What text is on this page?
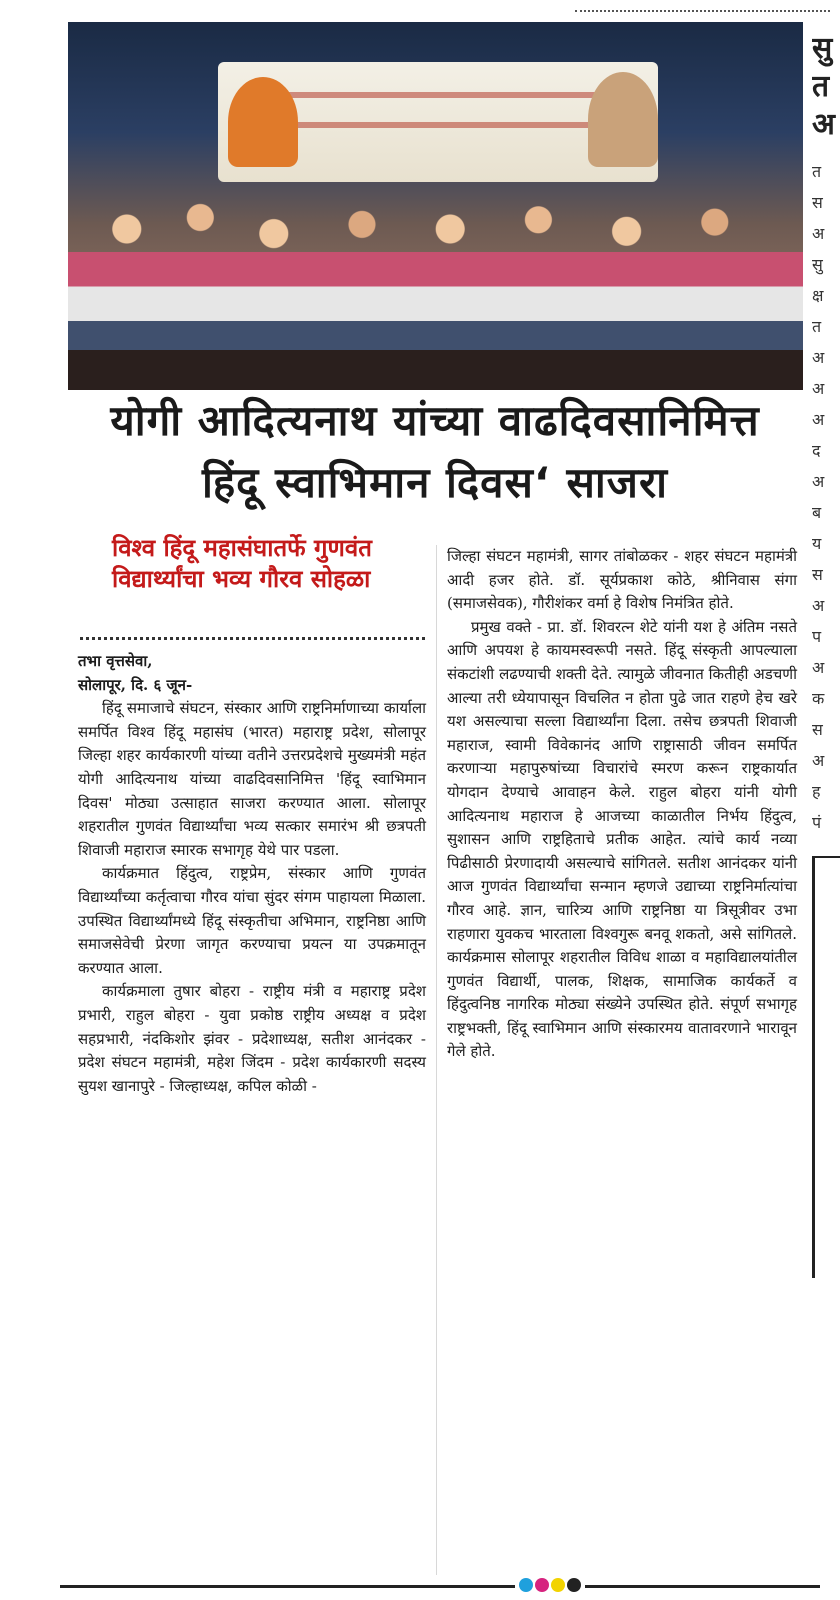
सु
त
अ
त
स
अ
सु
क्ष
त
अ
अ
अ
द
अ
ब
य
स
अ
प
अ
क
स
अ
ह
पं
योगी आदित्यनाथ यांच्या वाढदिवसानिमित्त
हिंदू स्वाभिमान दिवस‘ साजरा
विश्व हिंदू महासंघातर्फे गुणवंत विद्यार्थ्यांचा भव्य गौरव सोहळा

तभा वृत्तसेवा,

सोलापूर, दि. ६ जून-

हिंदू समाजाचे संघटन, संस्कार आणि राष्ट्रनिर्माणाच्या कार्याला समर्पित विश्व हिंदू महासंघ (भारत) महाराष्ट्र प्रदेश, सोलापूर जिल्हा शहर कार्यकारणी यांच्या वतीने उत्तरप्रदेशचे मुख्यमंत्री महंत योगी आदित्यनाथ यांच्या वाढदिवसानिमित्त 'हिंदू स्वाभिमान दिवस' मोठ्या उत्साहात साजरा करण्यात आला. सोलापूर शहरातील गुणवंत विद्यार्थ्यांचा भव्य सत्कार समारंभ श्री छत्रपती शिवाजी महाराज स्मारक सभागृह येथे पार पडला.

कार्यक्रमात हिंदुत्व, राष्ट्रप्रेम, संस्कार आणि गुणवंत विद्यार्थ्यांच्या कर्तृत्वाचा गौरव यांचा सुंदर संगम पाहायला मिळाला. उपस्थित विद्यार्थ्यांमध्ये हिंदू संस्कृतीचा अभिमान, राष्ट्रनिष्ठा आणि समाजसेवेची प्रेरणा जागृत करण्याचा प्रयत्न या उपक्रमातून करण्यात आला.

कार्यक्रमाला तुषार बोहरा - राष्ट्रीय मंत्री व महाराष्ट्र प्रदेश प्रभारी, राहुल बोहरा - युवा प्रकोष्ठ राष्ट्रीय अध्यक्ष व प्रदेश सहप्रभारी, नंदकिशोर झंवर - प्रदेशाध्यक्ष, सतीश आनंदकर - प्रदेश संघटन महामंत्री, महेश जिंदम - प्रदेश कार्यकारणी सदस्य सुयश खानापुरे - जिल्हाध्यक्ष, कपिल कोळी -

जिल्हा संघटन महामंत्री, सागर तांबोळकर - शहर संघटन महामंत्री आदी हजर होते. डॉ. सूर्यप्रकाश कोठे, श्रीनिवास संगा (समाजसेवक), गौरीशंकर वर्मा हे विशेष निमंत्रित होते.

प्रमुख वक्ते - प्रा. डॉ. शिवरत्न शेटे यांनी यश हे अंतिम नसते आणि अपयश हे कायमस्वरूपी नसते. हिंदू संस्कृती आपल्याला संकटांशी लढण्याची शक्ती देते. त्यामुळे जीवनात कितीही अडचणी आल्या तरी ध्येयापासून विचलित न होता पुढे जात राहणे हेच खरे यश असल्याचा सल्ला विद्यार्थ्यांना दिला. तसेच छत्रपती शिवाजी महाराज, स्वामी विवेकानंद आणि राष्ट्रासाठी जीवन समर्पित करणाऱ्या महापुरुषांच्या विचारांचे स्मरण करून राष्ट्रकार्यात योगदान देण्याचे आवाहन केले. राहुल बोहरा यांनी योगी आदित्यनाथ महाराज हे आजच्या काळातील निर्भय हिंदुत्व, सुशासन आणि राष्ट्रहिताचे प्रतीक आहेत. त्यांचे कार्य नव्या पिढीसाठी प्रेरणादायी असल्याचे सांगितले. सतीश आनंदकर यांनी आज गुणवंत विद्यार्थ्यांचा सन्मान म्हणजे उद्याच्या राष्ट्रनिर्मात्यांचा गौरव आहे. ज्ञान, चारित्र्य आणि राष्ट्रनिष्ठा या त्रिसूत्रीवर उभा राहणारा युवकच भारताला विश्वगुरू बनवू शकतो, असे सांगितले. कार्यक्रमास सोलापूर शहरातील विविध शाळा व महाविद्यालयांतील गुणवंत विद्यार्थी, पालक, शिक्षक, सामाजिक कार्यकर्ते व हिंदुत्वनिष्ठ नागरिक मोठ्या संख्येने उपस्थित होते. संपूर्ण सभागृह राष्ट्रभक्ती, हिंदू स्वाभिमान आणि संस्कारमय वातावरणाने भारावून गेले होते.
